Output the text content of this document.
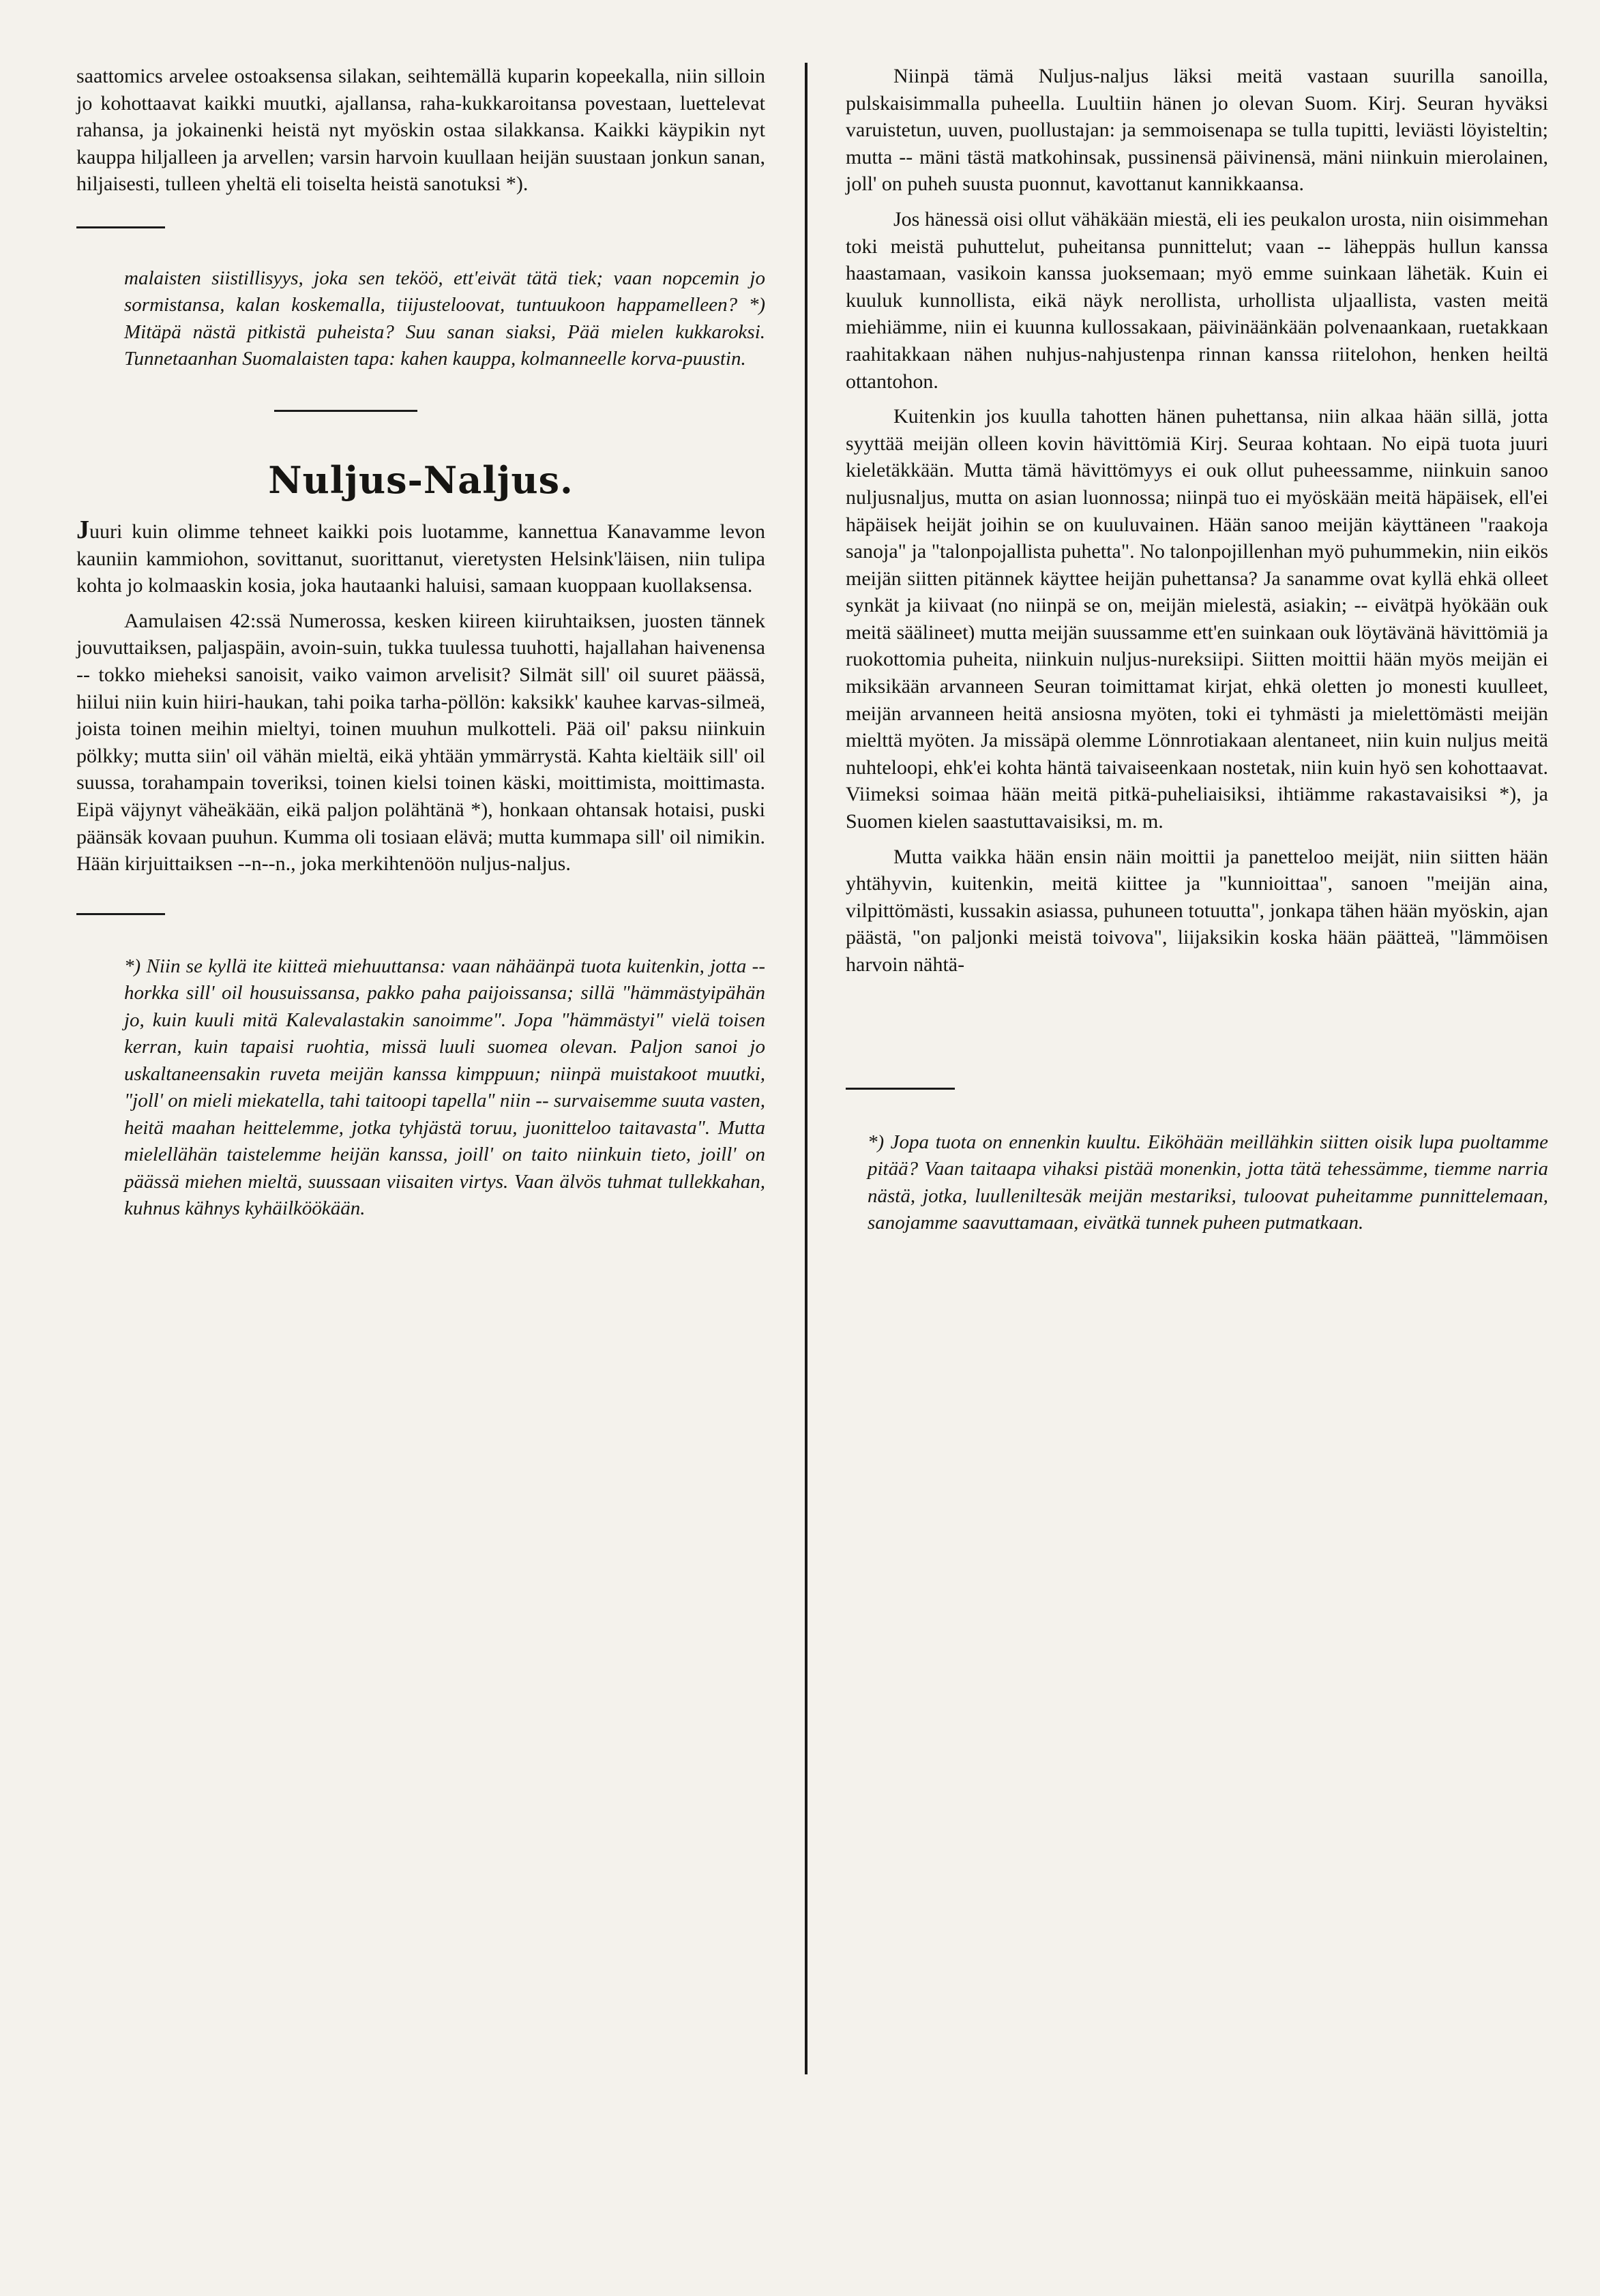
saattomics arvelee ostoaksensa silakan, seihtemällä kuparin kopeekalla, niin silloin jo kohottaavat kaikki muutki, ajallansa, raha-kukkaroitansa povestaan, luettelevat rahansa, ja jokainenki heistä nyt myöskin ostaa silakkansa. Kaikki käypikin nyt kauppa hiljalleen ja arvellen; varsin harvoin kuullaan heijän suustaan jonkun sanan, hiljaisesti, tulleen yheltä eli toiselta heistä sanotuksi *).

malaisten siistillisyys, joka sen teköö, ett'eivät tätä tiek; vaan nopcemin jo sormistansa, kalan koskemalla, tiijusteloovat, tuntuukoon happamelleen? *) Mitäpä nästä pitkistä puheista? Suu sanan siaksi, Pää mielen kukkaroksi. Tunnetaanhan Suomalaisten tapa: kahen kauppa, kolmanneelle korva-puustin.

Nuljus-Naljus.

Juuri kuin olimme tehneet kaikki pois luotamme, kannettua Kanavamme levon kauniin kammiohon, sovittanut, suorittanut, vieretysten Helsink'läisen, niin tulipa kohta jo kolmaaskin kosia, joka hautaanki haluisi, samaan kuoppaan kuollaksensa.

Aamulaisen 42:ssä Numerossa, kesken kiireen kiiruhtaiksen, juosten tännek jouvuttaiksen, paljaspäin, avoin-suin, tukka tuulessa tuuhotti, hajallahan haivenensa -- tokko mieheksi sanoisit, vaiko vaimon arvelisit? Silmät sill' oil suuret päässä, hiilui niin kuin hiiri-haukan, tahi poika tarha-pöllön: kaksikk' kauhee karvas-silmeä, joista toinen meihin mieltyi, toinen muuhun mulkotteli. Pää oil' paksu niinkuin pölkky; mutta siin' oil vähän mieltä, eikä yhtään ymmärrystä. Kahta kieltäik sill' oil suussa, torahampain toveriksi, toinen kielsi toinen käski, moittimista, moittimasta. Eipä väjynyt väheäkään, eikä paljon polähtänä *), honkaan ohtansak hotaisi, puski päänsäk kovaan puuhun. Kumma oli tosiaan elävä; mutta kummapa sill' oil nimikin. Hään kirjuittaiksen --n--n., joka merkihtenöön nuljus-naljus.

*) Niin se kyllä ite kiitteä miehuuttansa: vaan nähäänpä tuota kuitenkin, jotta -- horkka sill' oil housuissansa, pakko paha paijoissansa; sillä "hämmästyipähän jo, kuin kuuli mitä Kalevalastakin sanoimme". Jopa "hämmästyi" vielä toisen kerran, kuin tapaisi ruohtia, missä luuli suomea olevan. Paljon sanoi jo uskaltaneensakin ruveta meijän kanssa kimppuun; niinpä muistakoot muutki, "joll' on mieli miekatella, tahi taitoopi tapella" niin -- survaisemme suuta vasten, heitä maahan heittelemme, jotka tyhjästä toruu, juonitteloo taitavasta". Mutta mielellähän taistelemme heijän kanssa, joill' on taito niinkuin tieto, joill' on päässä miehen mieltä, suussaan viisaiten virtys. Vaan älvös tuhmat tullekkahan, kuhnus kähnys kyhäilköökään.

Niinpä tämä Nuljus-naljus läksi meitä vastaan suurilla sanoilla, pulskaisimmalla puheella. Luultiin hänen jo olevan Suom. Kirj. Seuran hyväksi varuistetun, uuven, puollustajan: ja semmoisenapa se tulla tupitti, leviästi löyisteltin; mutta -- mäni tästä matkohinsak, pussinensä päivinensä, mäni niinkuin mierolainen, joll' on puheh suusta puonnut, kavottanut kannikkaansa.

Jos hänessä oisi ollut vähäkään miestä, eli ies peukalon urosta, niin oisimmehan toki meistä puhuttelut, puheitansa punnittelut; vaan -- läheppäs hullun kanssa haastamaan, vasikoin kanssa juoksemaan; myö emme suinkaan lähetäk. Kuin ei kuuluk kunnollista, eikä näyk nerollista, urhollista uljaallista, vasten meitä miehiämme, niin ei kuunna kullossakaan, päivinäänkään polvenaankaan, ruetakkaan raahitakkaan nähen nuhjus-nahjustenpa rinnan kanssa riitelohon, henken heiltä ottantohon.

Kuitenkin jos kuulla tahotten hänen puhettansa, niin alkaa hään sillä, jotta syyttää meijän olleen kovin hävittömiä Kirj. Seuraa kohtaan. No eipä tuota juuri kieletäkkään. Mutta tämä hävittömyys ei ouk ollut puheessamme, niinkuin sanoo nuljusnaljus, mutta on asian luonnossa; niinpä tuo ei myöskään meitä häpäisek, ell'ei häpäisek heijät joihin se on kuuluvainen. Hään sanoo meijän käyttäneen "raakoja sanoja" ja "talonpojallista puhetta". No talonpojillenhan myö puhummekin, niin eikös meijän siitten pitännek käyttee heijän puhettansa? Ja sanamme ovat kyllä ehkä olleet synkät ja kiivaat (no niinpä se on, meijän mielestä, asiakin; -- eivätpä hyökään ouk meitä säälineet) mutta meijän suussamme ett'en suinkaan ouk löytävänä hävittömiä ja ruokottomia puheita, niinkuin nuljus-nureksiipi. Siitten moittii hään myös meijän ei miksikään arvanneen Seuran toimittamat kirjat, ehkä oletten jo monesti kuulleet, meijän arvanneen heitä ansiosna myöten, toki ei tyhmästi ja mielettömästi meijän mielttä myöten. Ja missäpä olemme Lönnrotiakaan alentaneet, niin kuin nuljus meitä nuhteloopi, ehk'ei kohta häntä taivaiseenkaan nostetak, niin kuin hyö sen kohottaavat. Viimeksi soimaa hään meitä pitkä-puheliaisiksi, ihtiämme rakastavaisiksi *), ja Suomen kielen saastuttavaisiksi, m. m.

Mutta vaikka hään ensin näin moittii ja panetteloo meijät, niin siitten hään yhtähyvin, kuitenkin, meitä kiittee ja "kunnioittaa", sanoen "meijän aina, vilpittömästi, kussakin asiassa, puhuneen totuutta", jonkapa tähen hään myöskin, ajan päästä, "on paljonki meistä toivova", liijaksikin koska hään päätteä, "lämmöisen harvoin nähtä-

*) Jopa tuota on ennenkin kuultu. Eiköhään meillähkin siitten oisik lupa puoltamme pitää? Vaan taitaapa vihaksi pistää monenkin, jotta tätä tehessämme, tiemme narria nästä, jotka, luulleniltesäk meijän mestariksi, tuloovat puheitamme punnittelemaan, sanojamme saavuttamaan, eivätkä tunnek puheen putmatkaan.
